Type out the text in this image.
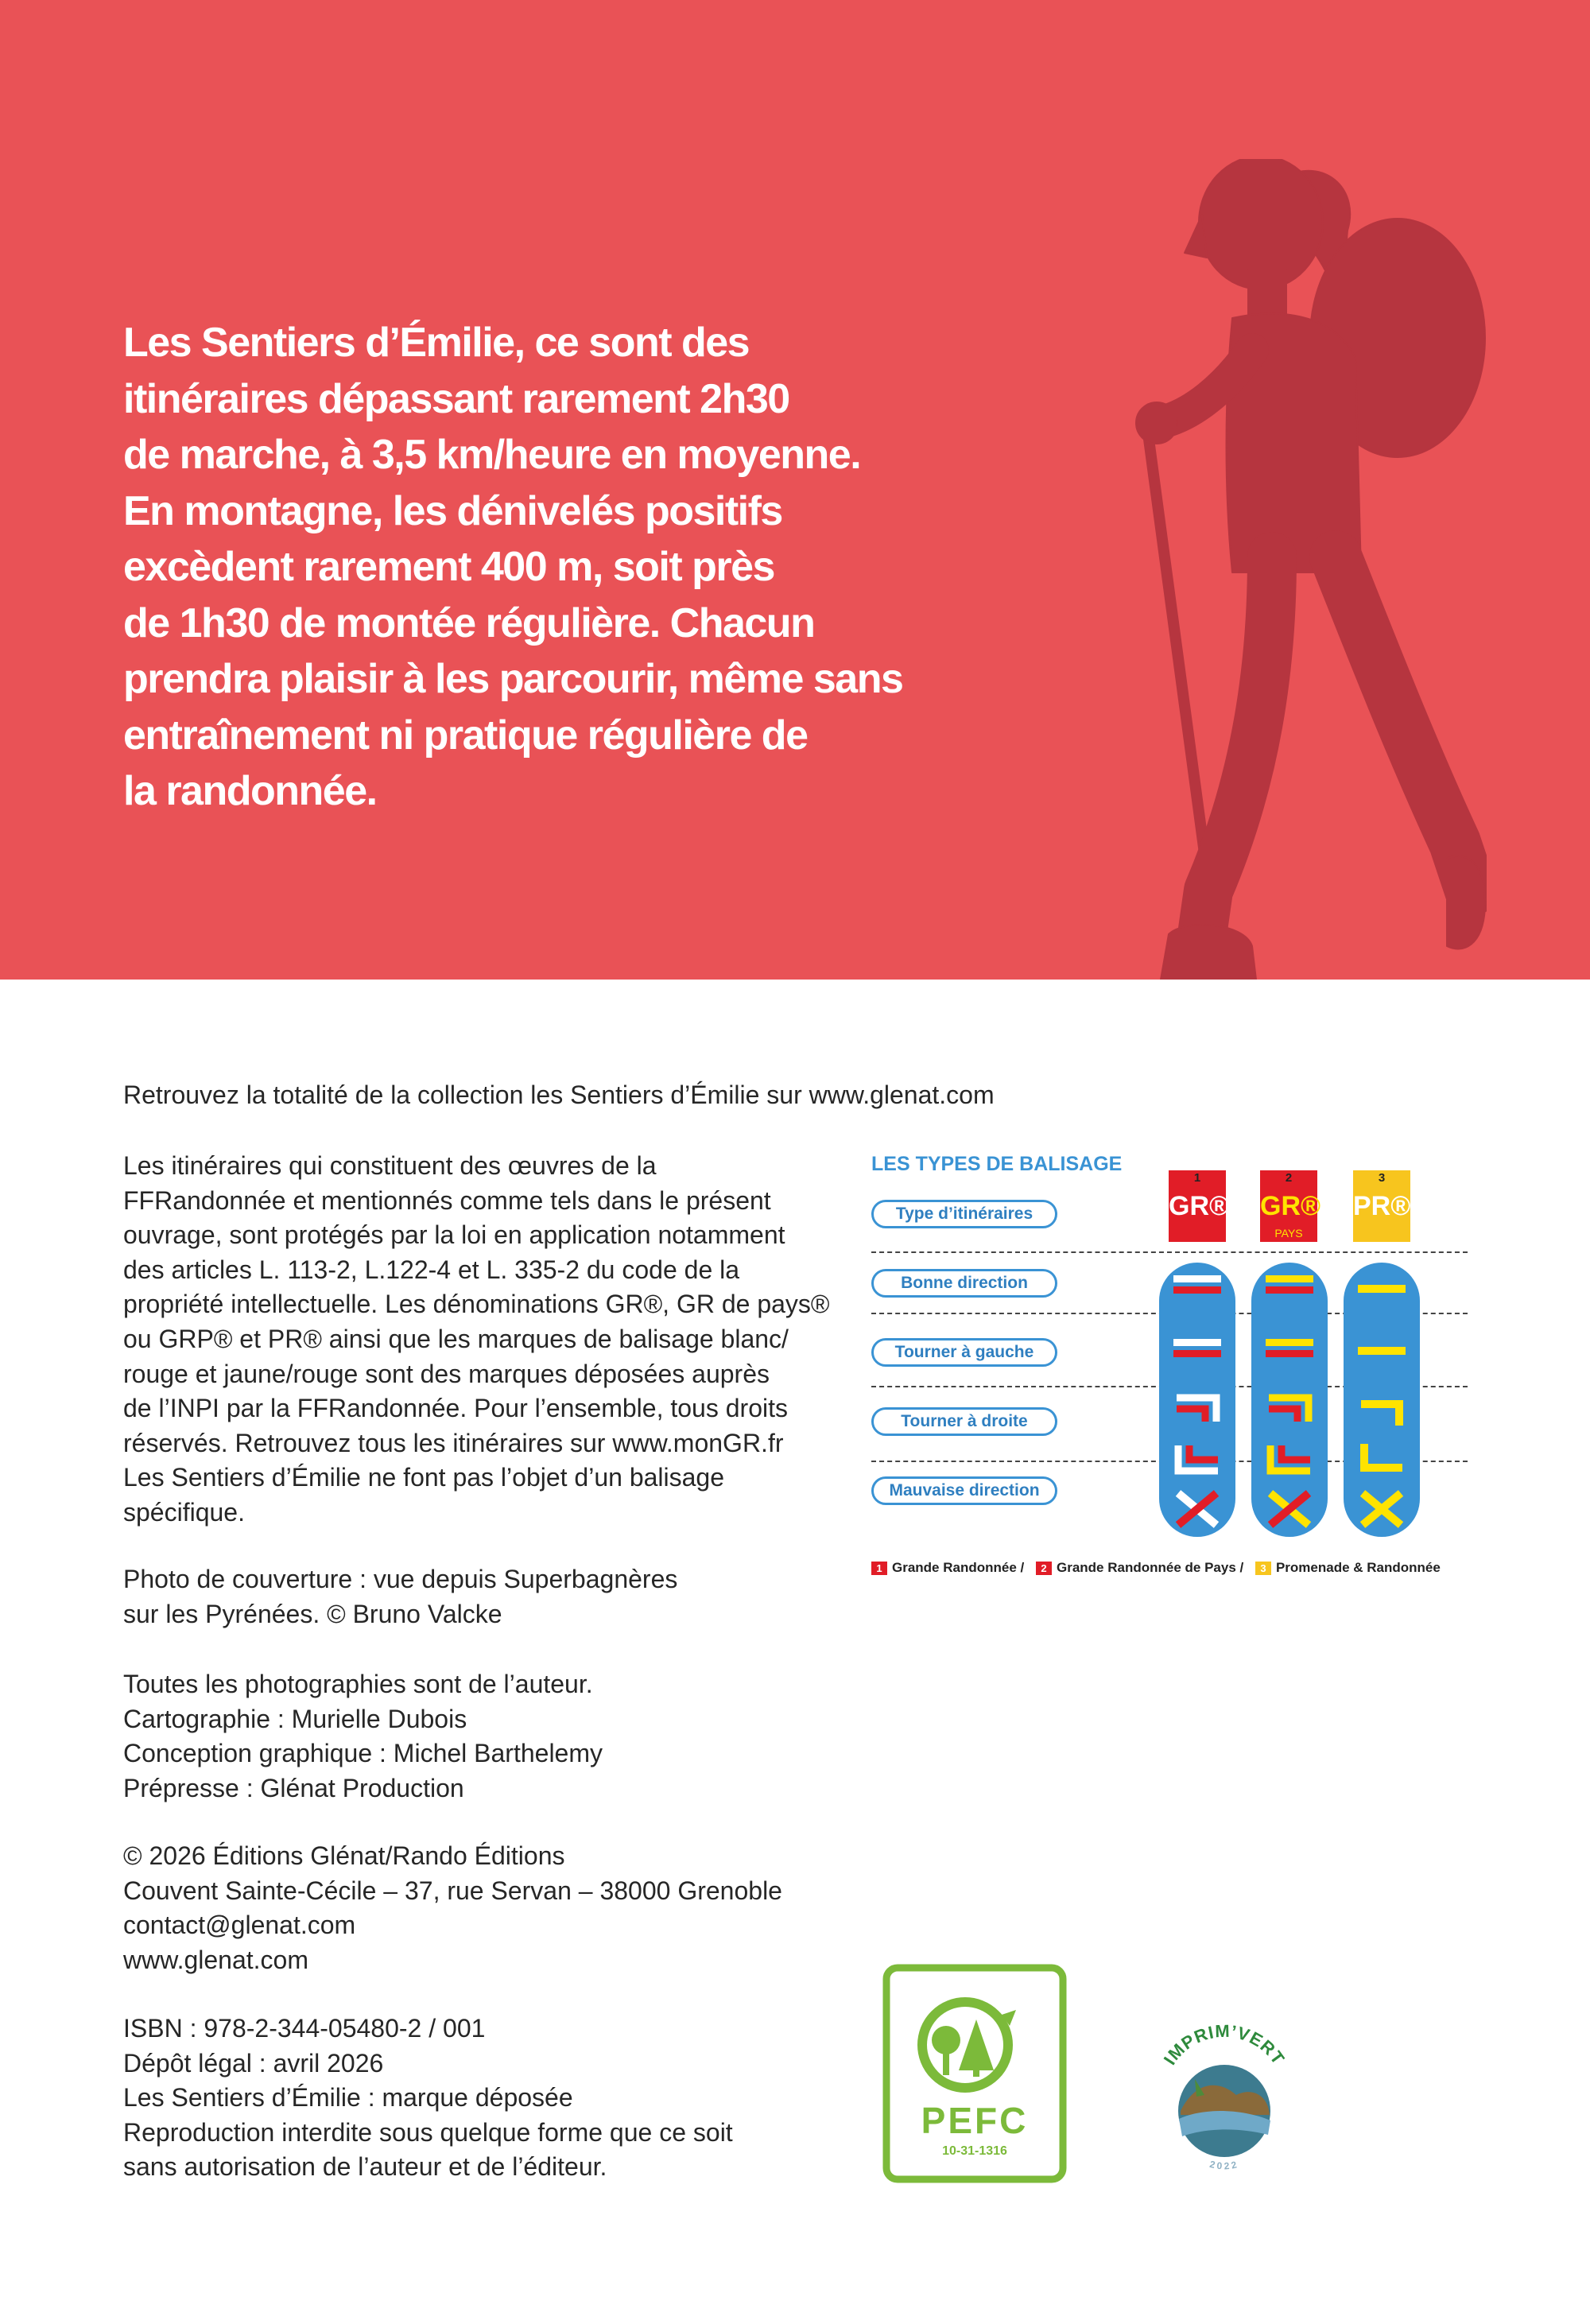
Les Sentiers d’Émilie, ce sont des
itinéraires dépassant rarement 2h30
de marche, à 3,5 km/heure en moyenne.
En montagne, les dénivelés positifs
excèdent rarement 400 m, soit près
de 1h30 de montée régulière. Chacun
prendra plaisir à les parcourir, même sans
entraînement ni pratique régulière de
la randonnée.

Retrouvez la totalité de la collection les Sentiers d’Émilie sur www.glenat.com

Les itinéraires qui constituent des œuvres de la
FFRandonnée et mentionnés comme tels dans le présent
ouvrage, sont protégés par la loi en application notamment
des articles L. 113-2, L.122-4 et L. 335-2 du code de la
propriété intellectuelle. Les dénominations GR®, GR de pays®
ou GRP® et PR® ainsi que les marques de balisage blanc/
rouge et jaune/rouge sont des marques déposées auprès
de l’INPI par la FFRandonnée. Pour l’ensemble, tous droits
réservés. Retrouvez tous les itinéraires sur www.monGR.fr
Les Sentiers d’Émilie ne font pas l’objet d’un balisage
spécifique.

Photo de couverture : vue depuis Superbagnères
sur les Pyrénées. © Bruno Valcke

Toutes les photographies sont de l’auteur.
Cartographie : Murielle Dubois
Conception graphique : Michel Barthelemy
Prépresse : Glénat Production

© 2026 Éditions Glénat/Rando Éditions
Couvent Sainte-Cécile – 37, rue Servan – 38000 Grenoble
contact@glenat.com
www.glenat.com

ISBN : 978-2-344-05480-2 / 001
Dépôt légal : avril 2026
Les Sentiers d’Émilie : marque déposée
Reproduction interdite sous quelque forme que ce soit
sans autorisation de l’auteur et de l’éditeur.

LES TYPES DE BALISAGE

Type d’itinéraires
Bonne direction
Tourner à gauche
Tourner à droite
Mauvaise direction
1
GR®
2
GR®
PAYS
3
PR®
1 Grande Randonnée / 2 Grande Randonnée de Pays / 3 Promenade & Randonnée
PEFC
10-31-1316
IMPRIM’VERT
2022
